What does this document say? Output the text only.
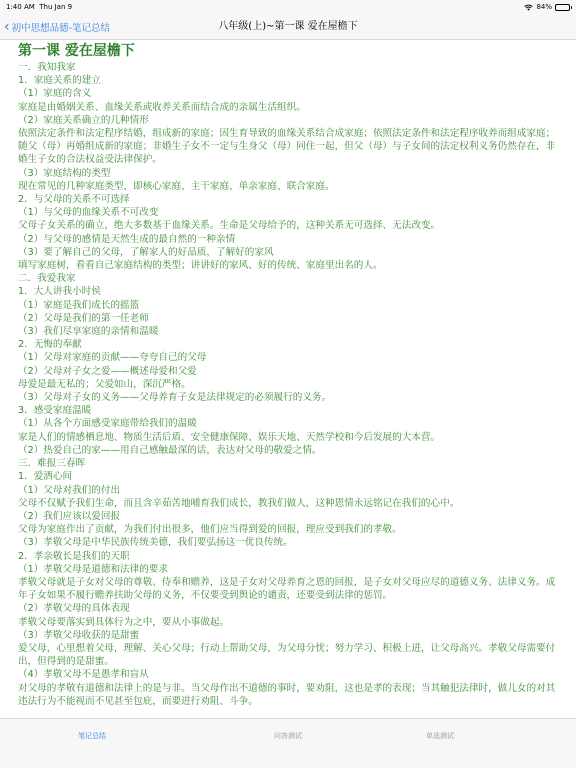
1:40 AM Thu Jan 9	84%
‹ 初中思想品德-笔记总结	八年级(上)~第一课 爱在屋檐下
第一课 爱在屋檐下
一．我知我家
1．家庭关系的建立
（1）家庭的含义
家庭是由婚姻关系、血缘关系或收养关系而结合成的亲属生活组织。
（2）家庭关系确立的几种情形
依照法定条件和法定程序结婚，组成新的家庭；因生育导致的血缘关系结合成家庭；依照法定条件和法定程序收养而组成家庭；随父（母）再婚组成新的家庭；非婚生子女不一定与生身父（母）同住一起，但父（母）与子女间的法定权利义务仍然存在，非婚生子女的合法权益受法律保护。
（3）家庭结构的类型
现在常见的几种家庭类型，即核心家庭、主干家庭、单亲家庭、联合家庭。
2．与父母的关系不可选择
（1）与父母的血缘关系不可改变
父母子女关系的确立，绝大多数基于血缘关系。生命是父母给予的，这种关系无可选择、无法改变。
（2）与父母的感情是天然生成的最自然的一种亲情
（3）要了解自己的父母，了解家人的好品质，了解好的家风
填写家庭树，看看自己家庭结构的类型；讲讲好的家风、好的传统、家庭里出名的人。
二．我爱我家
1．大人讲我小时侯
（1）家庭是我们成长的摇篮
（2）父母是我们的第一任老师
（3）我们尽享家庭的亲情和温暖
2．无悔的奉献
（1）父母对家庭的贡献——夸夸自己的父母
（2）父母对子女之爱——概述母爱和父爱
母爱是最无私的；父爱如山，深沉严格。
（3）父母对子女的义务——父母养育子女是法律规定的必须履行的义务。
3．感受家庭温暖
（1）从各个方面感受家庭带给我们的温暖
家是人们的情感栖息地、物质生活后盾、安全健康保障、娱乐天地、天然学校和今后发展的大本营。
（2）热爱自己的家——用自己感触最深的话，表达对父母的敬爱之情。
三．难报三春晖
1．爱洒心间
（1）父母对我们的付出
父母不仅赋予我们生命，而且含辛茹苦地哺育我们成长，教我们做人，这种恩情永远铭记在我们的心中。
（2）我们应该以爱回报
父母为家庭作出了贡献，为我们付出很多，他们应当得到爱的回报，理应受到我们的孝敬。
（3）孝敬父母是中华民族传统美德，我们要弘扬这一优良传统。
2．孝亲敬长是我们的天职
（1）孝敬父母是道德和法律的要求
孝敬父母就是子女对父母的尊敬、侍奉和赡养，这是子女对父母养育之恩的回报，是子女对父母应尽的道德义务、法律义务。成年子女如果不履行赡养扶助父母的义务，不仅要受到舆论的谴责，还要受到法律的惩罚。
（2）孝敬父母的具体表现
孝敬父母要落实到具体行为之中，要从小事做起。
（3）孝敬父母收获的是甜蜜
爱父母，心里想着父母，理解、关心父母；行动上帮助父母，为父母分忧；努力学习、积极上进，让父母高兴。孝敬父母需要付出，但得到的是甜蜜。
（4）孝敬父母不是愚孝和盲从
对父母的孝敬有道德和法律上的是与非。当父母作出不道德的事时，要劝阻，这也是孝的表现；当其触犯法律时，做儿女的对其违法行为不能视而不见甚至包庇，而要进行劝阻、斗争。
笔记总结	问答测试	单选测试
